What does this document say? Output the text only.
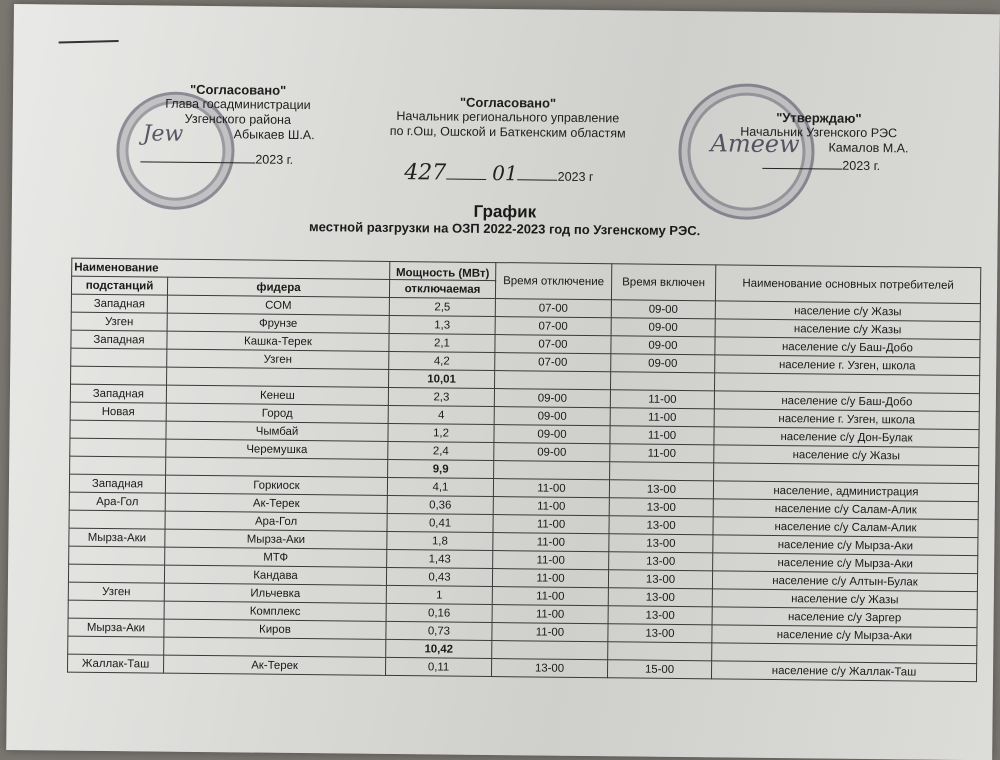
"Согласовано"
Глава госадминистрации
Узгенского района
Абыкаев Ш.А.
2023 г.
Jew
"Согласовано"
Начальник регионального управление
по г.Ош, Ошской и Баткенским областям
427 01	2023 г
"Утверждаю"
Начальник Узгенского РЭС
Камалов М.А.
2023 г.
Ameew
График
местной разгрузки на ОЗП 2022-2023 год по Узгенскому РЭС.
Наименование		Мощность (МВт)	Время отключение	Время включен	Наименование основных потребителей
подстанций	фидера				
		отключаемая			
Западная	СОМ	2,5	07-00	09-00	население с/у Жазы
Узген	Фрунзе	1,3	07-00	09-00	население с/у Жазы
Западная	Кашка-Терек	2,1	07-00	09-00	население с/у Баш-Добо
	Узген	4,2	07-00	09-00	население г. Узген, школа
		10,01			
Западная	Кенеш	2,3	09-00	11-00	население с/у Баш-Добо
Новая	Город	4	09-00	11-00	население г. Узген, школа
	Чымбай	1,2	09-00	11-00	население с/у Дон-Булак
	Черемушка	2,4	09-00	11-00	население с/у Жазы
		9,9			
Западная	Горкиоск	4,1	11-00	13-00	население, администрация
Ара-Гол	Ак-Терек	0,36	11-00	13-00	население с/у Салам-Алик
	Ара-Гол	0,41	11-00	13-00	население с/у Салам-Алик
Мырза-Аки	Мырза-Аки	1,8	11-00	13-00	население с/у Мырза-Аки
	МТФ	1,43	11-00	13-00	население с/у Мырза-Аки
	Кандава	0,43	11-00	13-00	население с/у Алтын-Булак
Узген	Ильчевка	1	11-00	13-00	население с/у Жазы
	Комплекс	0,16	11-00	13-00	население с/у Заргер
Мырза-Аки	Киров	0,73	11-00	13-00	население с/у Мырза-Аки
		10,42			
Жаллак-Таш	Ак-Терек	0,11	13-00	15-00	население с/у Жаллак-Таш
